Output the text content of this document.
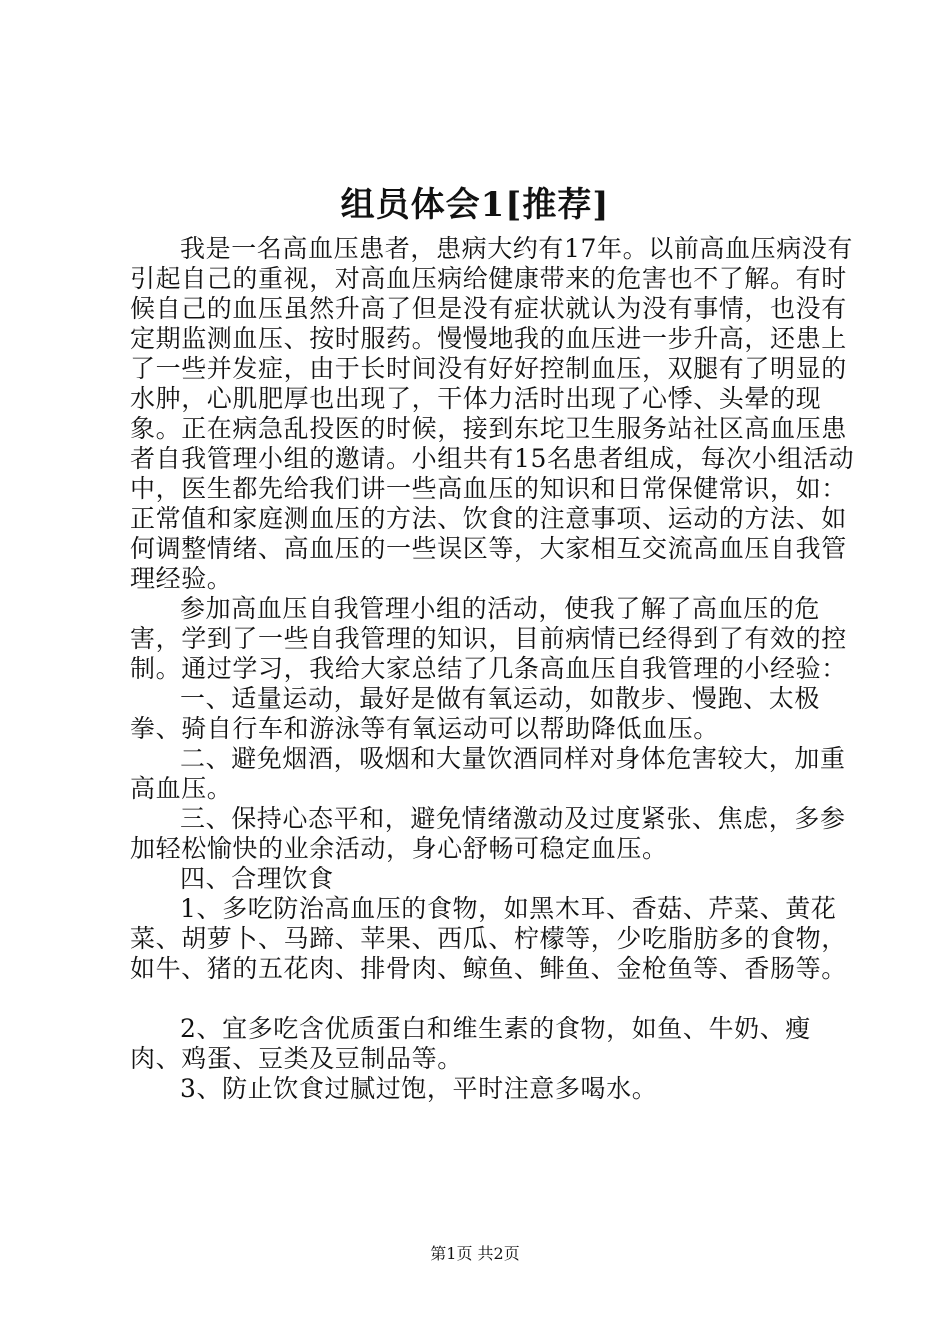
组员体会1[推荐]

我是一名高血压患者，患病大约有17年。以前高血压病没有引起自己的重视，对高血压病给健康带来的危害也不了解。有时候自己的血压虽然升高了但是没有症状就认为没有事情，也没有定期监测血压、按时服药。慢慢地我的血压进一步升高，还患上了一些并发症，由于长时间没有好好控制血压，双腿有了明显的水肿，心肌肥厚也出现了，干体力活时出现了心悸、头晕的现象。正在病急乱投医的时候，接到东坨卫生服务站社区高血压患者自我管理小组的邀请。小组共有15名患者组成，每次小组活动中，医生都先给我们讲一些高血压的知识和日常保健常识，如：正常值和家庭测血压的方法、饮食的注意事项、运动的方法、如何调整情绪、高血压的一些误区等，大家相互交流高血压自我管理经验。

参加高血压自我管理小组的活动，使我了解了高血压的危害，学到了一些自我管理的知识，目前病情已经得到了有效的控制。通过学习，我给大家总结了几条高血压自我管理的小经验：

一、适量运动，最好是做有氧运动，如散步、慢跑、太极拳、骑自行车和游泳等有氧运动可以帮助降低血压。

二、避免烟酒，吸烟和大量饮酒同样对身体危害较大，加重高血压。

三、保持心态平和，避免情绪激动及过度紧张、焦虑，多参加轻松愉快的业余活动，身心舒畅可稳定血压。

四、合理饮食

1、多吃防治高血压的食物，如黑木耳、香菇、芹菜、黄花菜、胡萝卜、马蹄、苹果、西瓜、柠檬等，少吃脂肪多的食物，如牛、猪的五花肉、排骨肉、鲸鱼、鲱鱼、金枪鱼等、香肠等。

2、宜多吃含优质蛋白和维生素的食物，如鱼、牛奶、瘦肉、鸡蛋、豆类及豆制品等。

3、防止饮食过腻过饱，平时注意多喝水。

第1页 共2页
